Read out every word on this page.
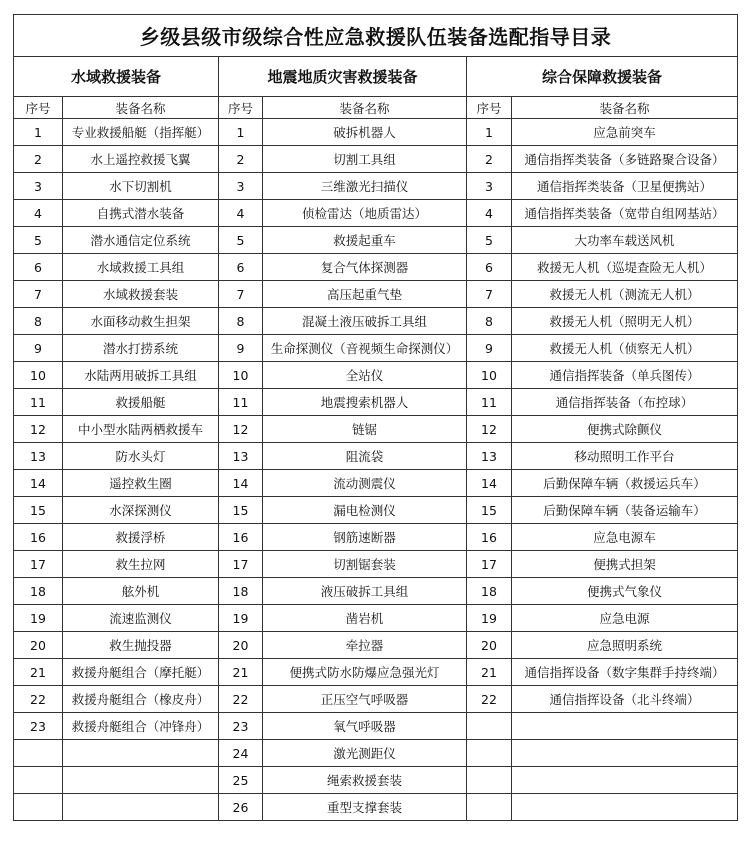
乡级县级市级综合性应急救援队伍装备选配指导目录					
水域救援装备		地震地质灾害救援装备		综合保障救援装备	
序号	装备名称	序号	装备名称	序号	装备名称
1	专业救援船艇（指挥艇）	1	破拆机器人	1	应急前突车
2	水上遥控救援飞翼	2	切割工具组	2	通信指挥类装备（多链路聚合设备）
3	水下切割机	3	三维激光扫描仪	3	通信指挥类装备（卫星便携站）
4	自携式潜水装备	4	侦检雷达（地质雷达）	4	通信指挥类装备（宽带自组网基站）
5	潜水通信定位系统	5	救援起重车	5	大功率车载送风机
6	水域救援工具组	6	复合气体探测器	6	救援无人机（巡堤查险无人机）
7	水域救援套装	7	高压起重气垫	7	救援无人机（测流无人机）
8	水面移动救生担架	8	混凝土液压破拆工具组	8	救援无人机（照明无人机）
9	潜水打捞系统	9	生命探测仪（音视频生命探测仪）	9	救援无人机（侦察无人机）
10	水陆两用破拆工具组	10	全站仪	10	通信指挥装备（单兵图传）
11	救援船艇	11	地震搜索机器人	11	通信指挥装备（布控球）
12	中小型水陆两栖救援车	12	链锯	12	便携式除颤仪
13	防水头灯	13	阻流袋	13	移动照明工作平台
14	遥控救生圈	14	流动测震仪	14	后勤保障车辆（救援运兵车）
15	水深探测仪	15	漏电检测仪	15	后勤保障车辆（装备运输车）
16	救援浮桥	16	钢筋速断器	16	应急电源车
17	救生拉网	17	切割锯套装	17	便携式担架
18	舷外机	18	液压破拆工具组	18	便携式气象仪
19	流速监测仪	19	凿岩机	19	应急电源
20	救生抛投器	20	牵拉器	20	应急照明系统
21	救援舟艇组合（摩托艇）	21	便携式防水防爆应急强光灯	21	通信指挥设备（数字集群手持终端）
22	救援舟艇组合（橡皮舟）	22	正压空气呼吸器	22	通信指挥设备（北斗终端）
23	救援舟艇组合（冲锋舟）	23	氧气呼吸器		
		24	激光测距仪		
		25	绳索救援套装		
		26	重型支撑套装		
